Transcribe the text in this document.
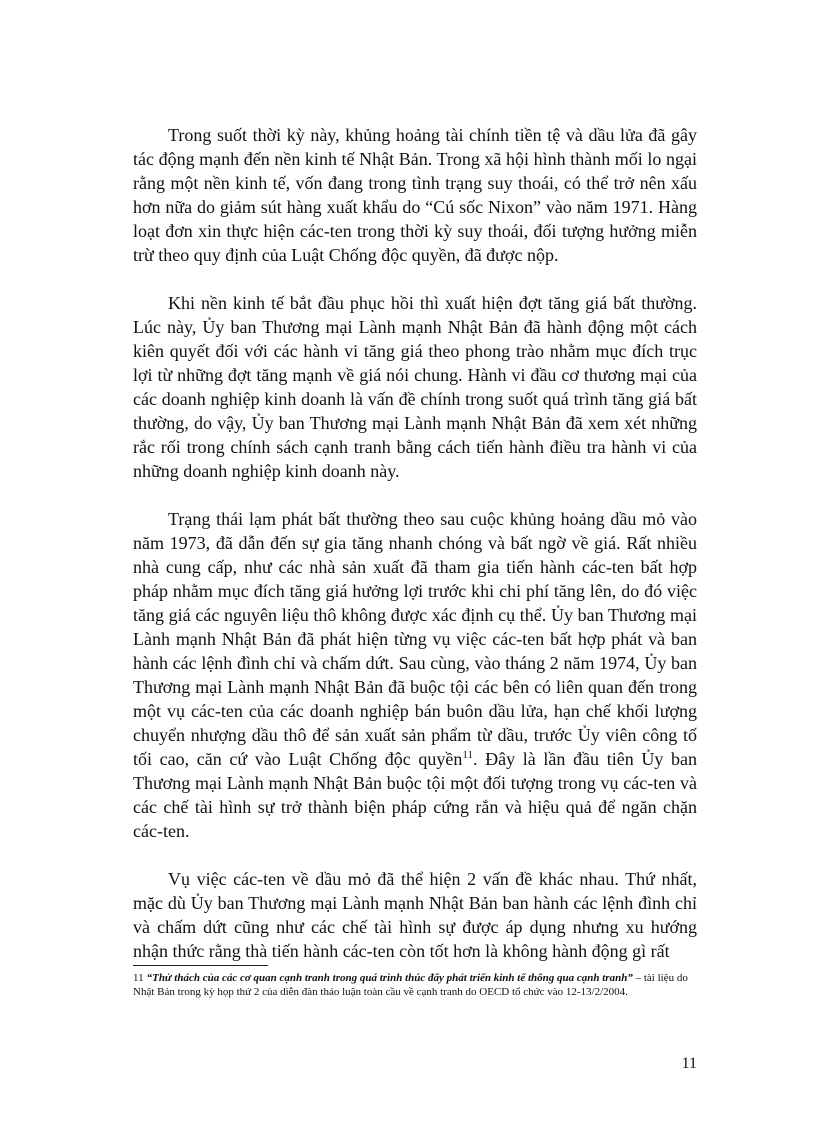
Trong suốt thời kỳ này, khủng hoảng tài chính tiền tệ và dầu lửa đã gây tác động mạnh đến nền kinh tế Nhật Bản. Trong xã hội hình thành mối lo ngại rằng một nền kinh tế, vốn đang trong tình trạng suy thoái, có thể trở nên xấu hơn nữa do giảm sút hàng xuất khẩu do “Cú sốc Nixon” vào năm 1971. Hàng loạt đơn xin thực hiện các-ten trong thời kỳ suy thoái, đối tượng hưởng miễn trừ theo quy định của Luật Chống độc quyền, đã được nộp.

Khi nền kinh tế bắt đầu phục hồi thì xuất hiện đợt tăng giá bất thường. Lúc này, Ủy ban Thương mại Lành mạnh Nhật Bản đã hành động một cách kiên quyết đối với các hành vi tăng giá theo phong trào nhằm mục đích trục lợi từ những đợt tăng mạnh về giá nói chung. Hành vi đầu cơ thương mại của các doanh nghiệp kinh doanh là vấn đề chính trong suốt quá trình tăng giá bất thường, do vậy, Ủy ban Thương mại Lành mạnh Nhật Bản đã xem xét những rắc rối trong chính sách cạnh tranh bằng cách tiến hành điều tra hành vi của những doanh nghiệp kinh doanh này.

Trạng thái lạm phát bất thường theo sau cuộc khủng hoảng dầu mỏ vào năm 1973, đã dẫn đến sự gia tăng nhanh chóng và bất ngờ về giá. Rất nhiều nhà cung cấp, như các nhà sản xuất đã tham gia tiến hành các-ten bất hợp pháp nhằm mục đích tăng giá hưởng lợi trước khi chi phí tăng lên, do đó việc tăng giá các nguyên liệu thô không được xác định cụ thể. Ủy ban Thương mại Lành mạnh Nhật Bản đã phát hiện từng vụ việc các-ten bất hợp phát và ban hành các lệnh đình chỉ và chấm dứt. Sau cùng, vào tháng 2 năm 1974, Ủy ban Thương mại Lành mạnh Nhật Bản đã buộc tội các bên có liên quan đến trong một vụ các-ten của các doanh nghiệp bán buôn dầu lửa, hạn chế khối lượng chuyển nhượng dầu thô để sản xuất sản phẩm từ dầu, trước Ủy viên công tố tối cao, căn cứ vào Luật Chống độc quyền$^{11}$. Đây là lần đầu tiên Ủy ban Thương mại Lành mạnh Nhật Bản buộc tội một đối tượng trong vụ các-ten và các chế tài hình sự trở thành biện pháp cứng rắn và hiệu quả để ngăn chặn các-ten.

Vụ việc các-ten về dầu mỏ đã thể hiện 2 vấn đề khác nhau. Thứ nhất, mặc dù Ủy ban Thương mại Lành mạnh Nhật Bản ban hành các lệnh đình chỉ và chấm dứt cũng như các chế tài hình sự được áp dụng nhưng xu hướng nhận thức rằng thà tiến hành các-ten còn tốt hơn là không hành động gì rất

11 “Thử thách của các cơ quan cạnh tranh trong quá trình thúc đẩy phát triển kinh tế thông qua cạnh tranh” – tài liệu do Nhật Bản trong kỳ họp thứ 2 của diễn đàn thảo luận toàn cầu về cạnh tranh do OECD tổ chức vào 12-13/2/2004.
11
